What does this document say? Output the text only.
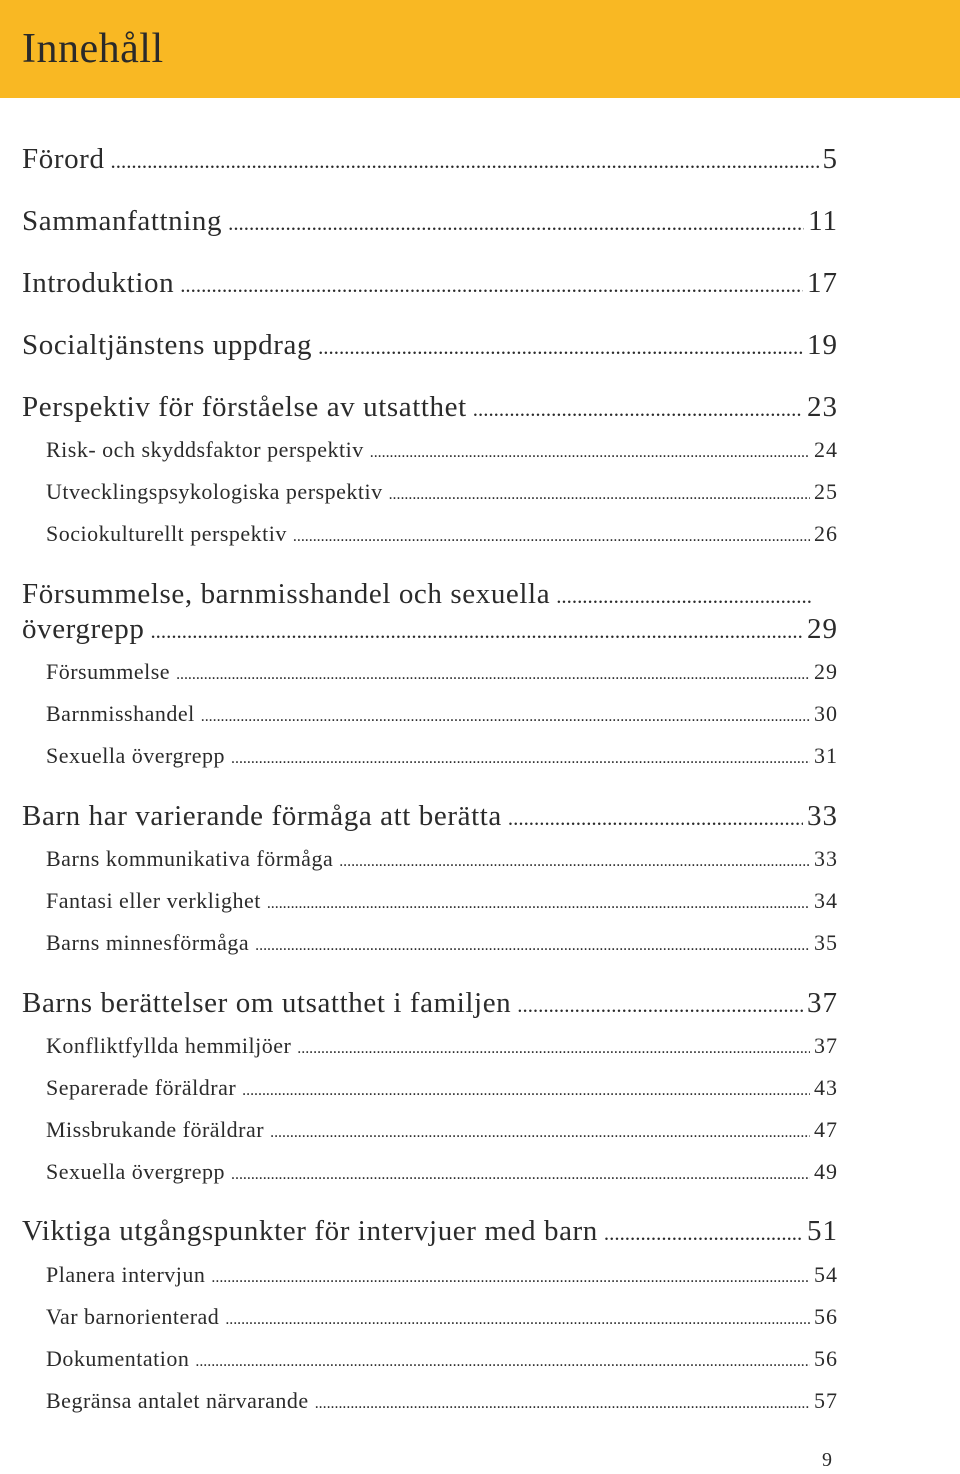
Innehåll
Förord .....	5
Sammanfattning .....	11
Introduktion .....	17
Socialtjänstens uppdrag .....	19
Perspektiv för förståelse av utsatthet .....	23
Risk- och skyddsfaktor perspektiv .....	24
Utvecklingspsykologiska perspektiv .....	25
Sociokulturellt perspektiv .....	26
Försummelse, barnmisshandel och sexuella
.....
övergrepp .....	29
Försummelse .....	29
Barnmisshandel .....	30
Sexuella övergrepp .....	31
Barn har varierande förmåga att berätta .....	33
Barns kommunikativa förmåga .....	33
Fantasi eller verklighet .....	34
Barns minnesförmåga .....	35
Barns berättelser om utsatthet i familjen .....	37
Konfliktfyllda hemmiljöer .....	37
Separerade föräldrar .....	43
Missbrukande föräldrar .....	47
Sexuella övergrepp .....	49
Viktiga utgångspunkter för intervjuer med barn .....	51
Planera intervjun .....	54
Var barnorienterad .....	56
Dokumentation .....	56
Begränsa antalet närvarande .....	57
9
